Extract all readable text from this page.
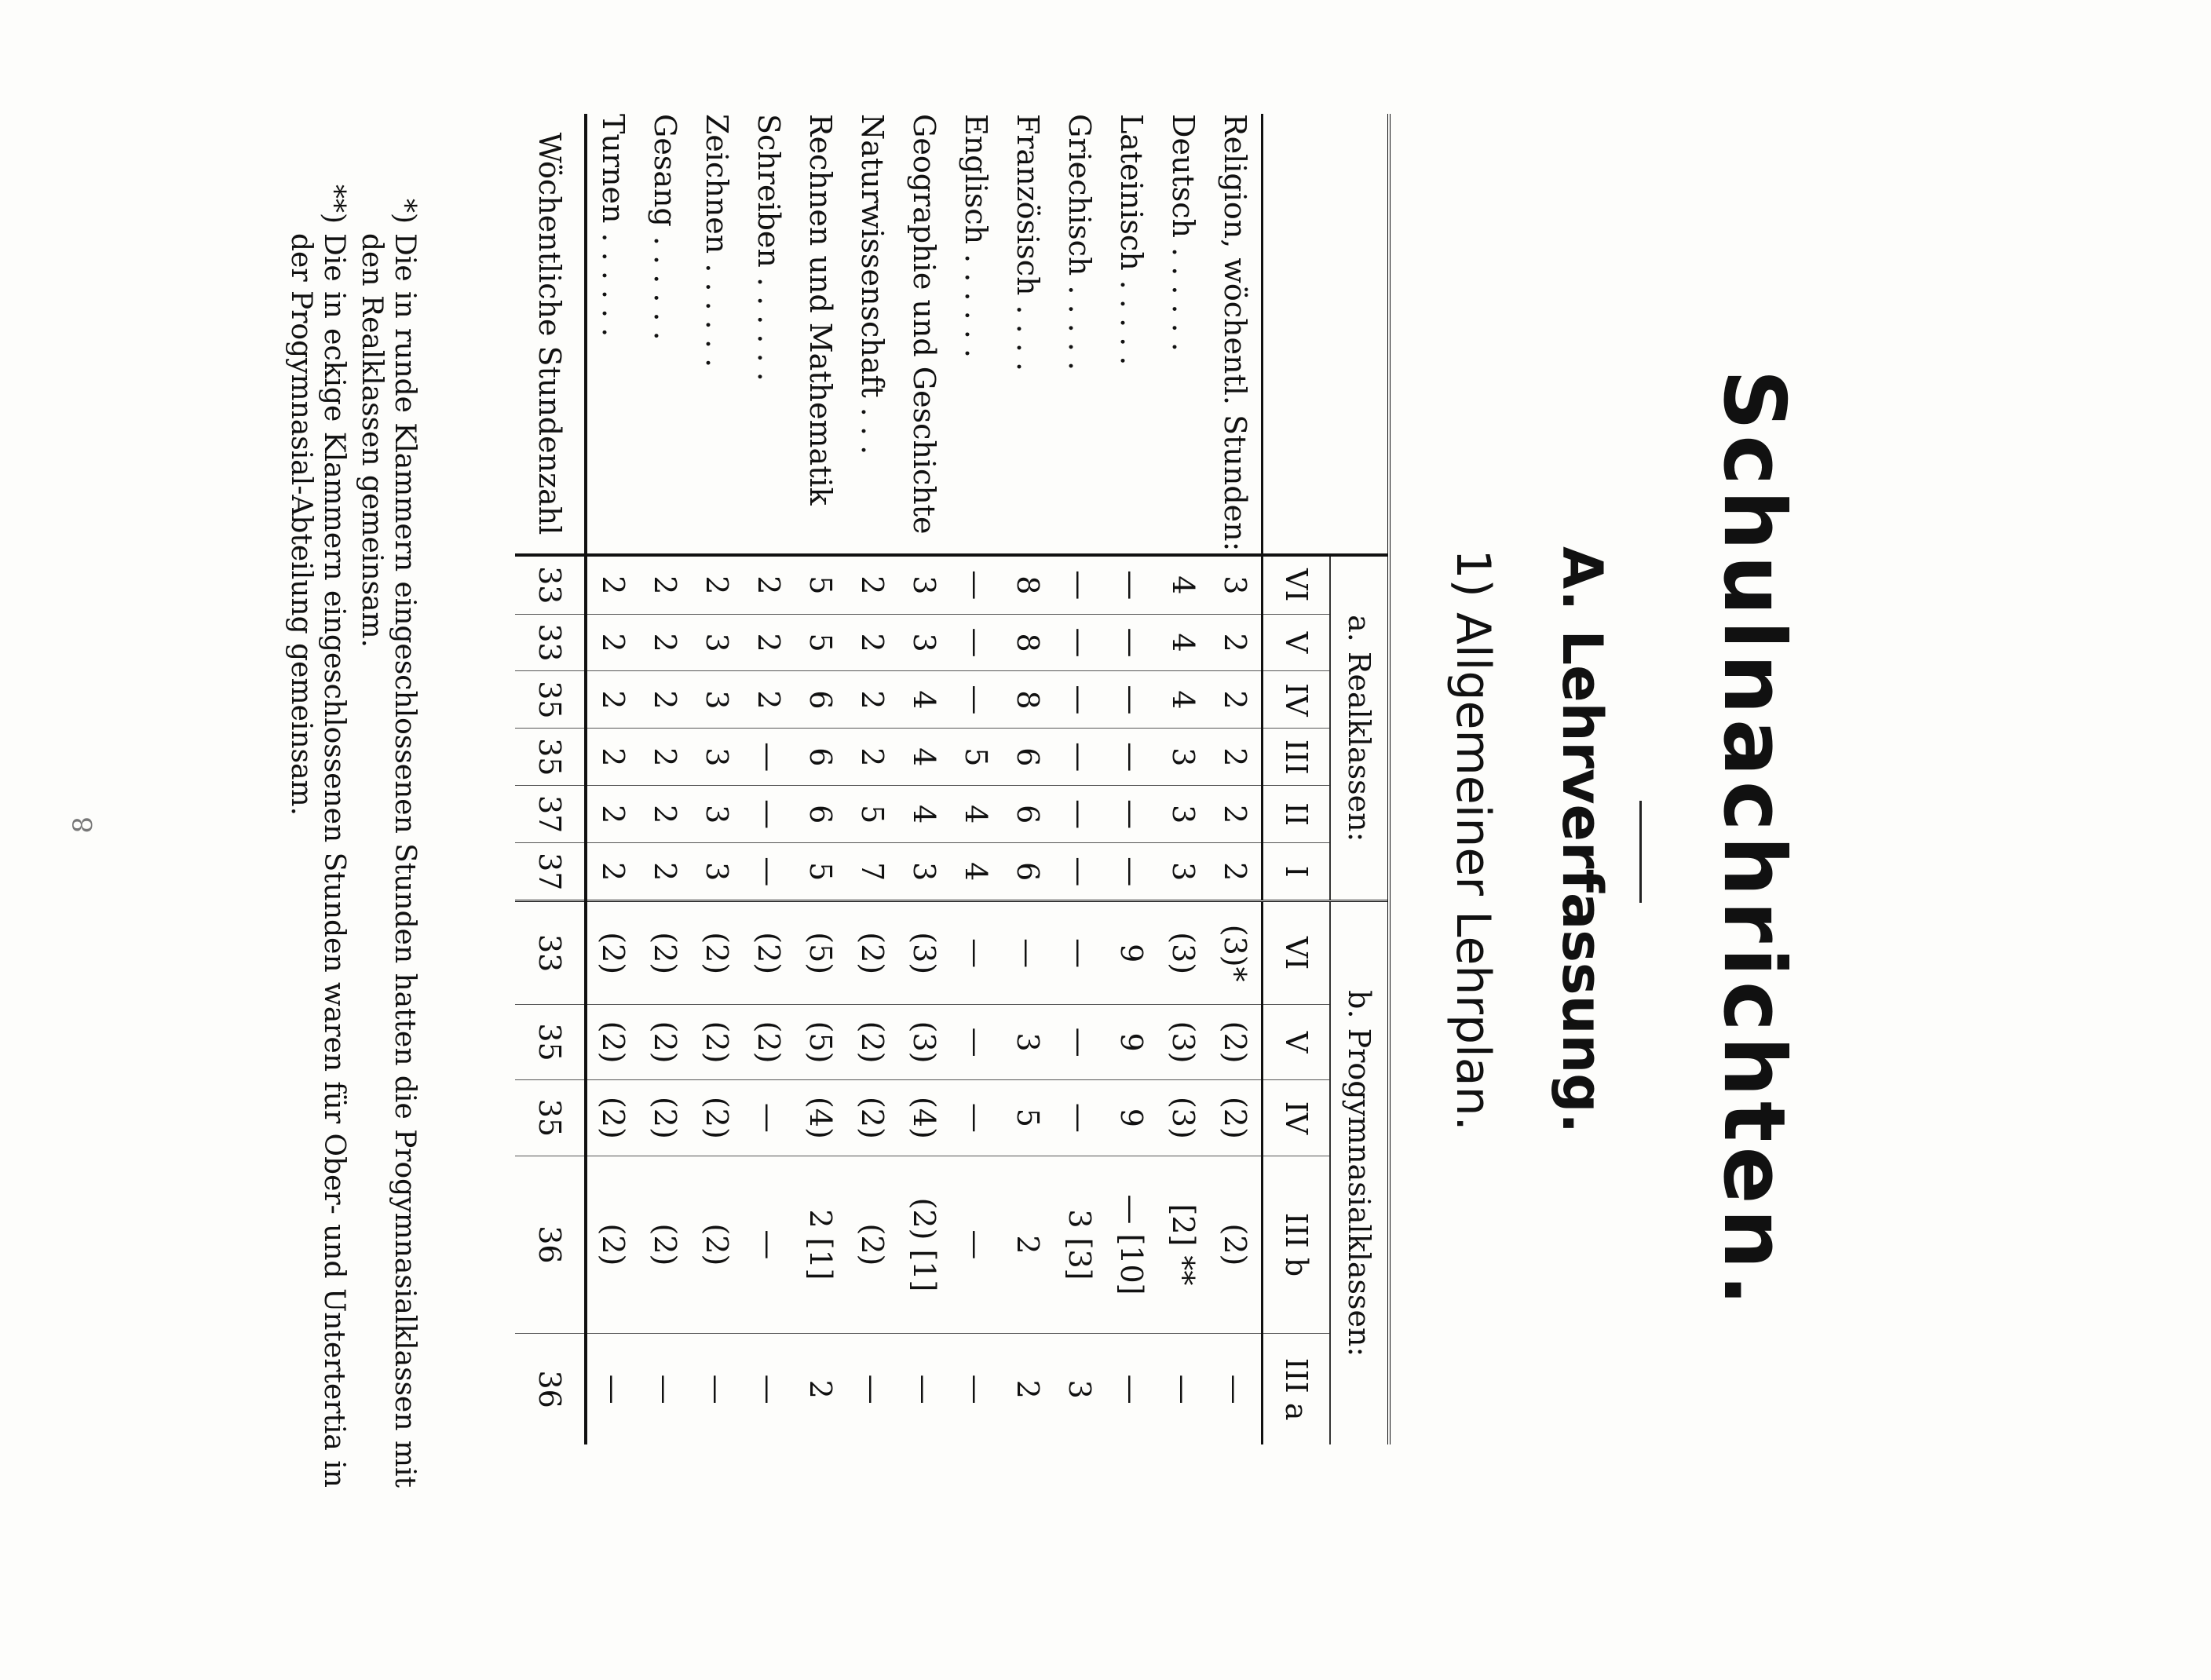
8	Schulnachrichten.
A. Lehrverfassung.
1) Allgemeiner Lehrplan.

	a. Realklassen:						b. Progymnasialklassen:				
	VI	V	IV	III	II	I	VI	V	IV	III b	III a
Religion, wöchentl. Stunden:	3	2	2	2	2	2	(3)*	(2)	(2)	(2)	—
Deutsch . . . . . .	4	4	4	3	3	3	(3)	(3)	(3)	[2] **	—
Lateinisch . . . . .	—	—	—	—	—	—	9	9	9	— [10]	—
Griechisch . . . . .	—	—	—	—	—	—	—	—	—	3 [3]	3
Französisch . . . .	8	8	8	6	6	6	—	3	5	2	2
Englisch . . . . . .	—	—	—	5	4	4	—	—	—	—	—
Geographie und Geschichte	3	3	4	4	4	3	(3)	(3)	(4)	(2) [1]	—
Naturwissenschaft . . .	2	2	2	2	5	7	(2)	(2)	(2)	(2)	—
Rechnen und Mathematik	5	5	6	6	6	5	(5)	(5)	(4)	2 [1]	2
Schreiben . . . . . .	2	2	2	—	—	—	(2)	(2)	—	—	—
Zeichnen . . . . . .	2	3	3	3	3	3	(2)	(2)	(2)	(2)	—
Gesang . . . . . .	2	2	2	2	2	2	(2)	(2)	(2)	(2)	—
Turnen . . . . . .	2	2	2	2	2	2	(2)	(2)	(2)	(2)	—
Wöchentliche Stundenzahl	33	33	35	35	37	37	33	35	35	36	36
*)
Die in runde Klammern eingeschlossenen Stunden hatten die Progymnasialklassen mit den Realklassen gemeinsam.
**)
Die in eckige Klammern eingeschlossenen Stunden waren für Ober- und Untertertia in der Progymnasial-Abteilung gemeinsam.
